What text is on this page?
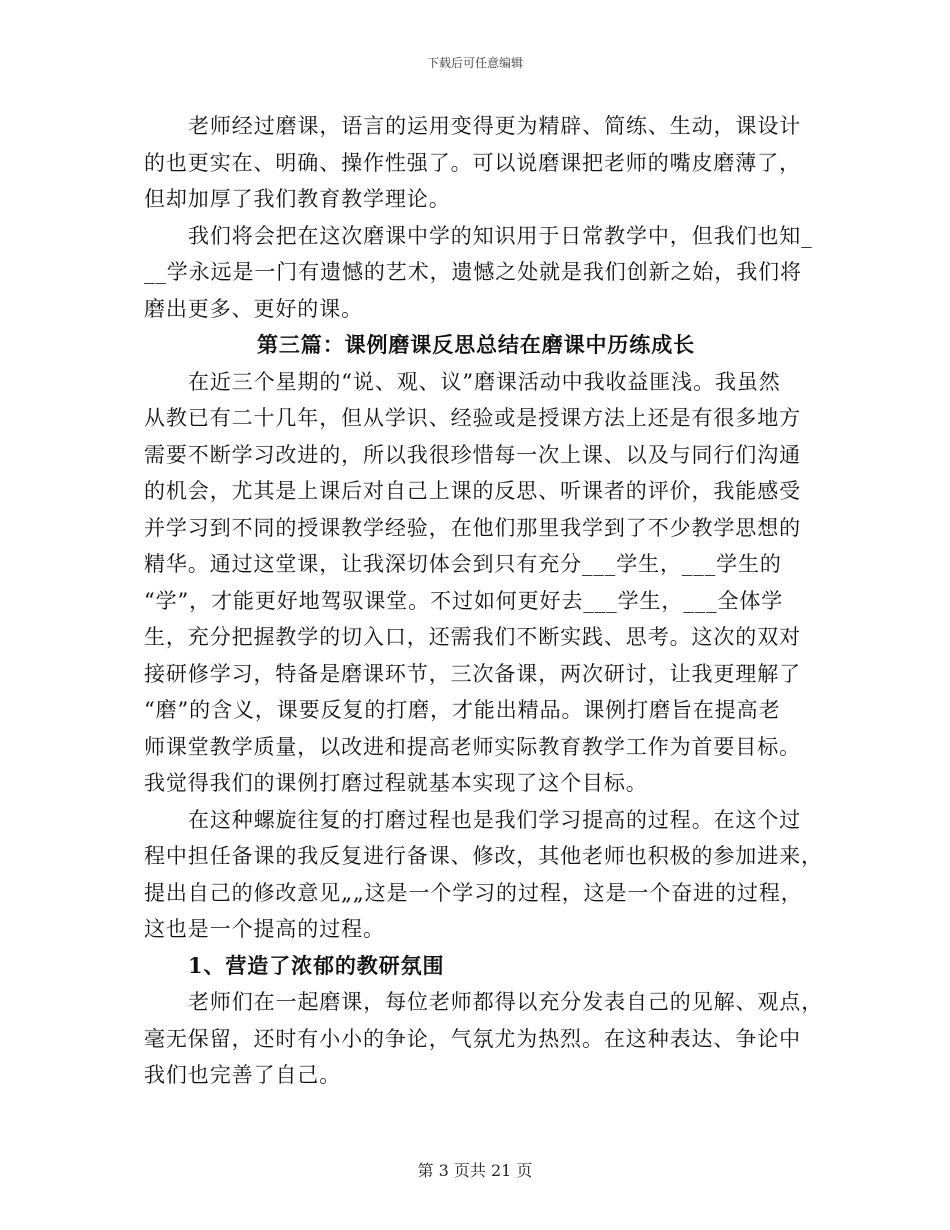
下载后可任意编辑
老师经过磨课，语言的运用变得更为精辟、简练、生动，课设计
的也更实在、明确、操作性强了。可以说磨课把老师的嘴皮磨薄了，
但却加厚了我们教育教学理论。
我们将会把在这次磨课中学的知识用于日常教学中，但我们也知_
__学永远是一门有遗憾的艺术，遗憾之处就是我们创新之始，我们将
磨出更多、更好的课。
第三篇：课例磨课反思总结在磨课中历练成长
在近三个星期的“说、观、议”磨课活动中我收益匪浅。我虽然
从教已有二十几年，但从学识、经验或是授课方法上还是有很多地方
需要不断学习改进的，所以我很珍惜每一次上课、以及与同行们沟通
的机会，尤其是上课后对自己上课的反思、听课者的评价，我能感受
并学习到不同的授课教学经验，在他们那里我学到了不少教学思想的
精华。通过这堂课，让我深切体会到只有充分___学生，___学生的
“学”，才能更好地驾驭课堂。不过如何更好去___学生，___全体学
生，充分把握教学的切入口，还需我们不断实践、思考。这次的双对
接研修学习，特备是磨课环节，三次备课，两次研讨，让我更理解了
“磨”的含义，课要反复的打磨，才能出精品。课例打磨旨在提高老
师课堂教学质量，以改进和提高老师实际教育教学工作为首要目标。
我觉得我们的课例打磨过程就基本实现了这个目标。
在这种螺旋往复的打磨过程也是我们学习提高的过程。在这个过
程中担任备课的我反复进行备课、修改，其他老师也积极的参加进来，
提出自己的修改意见„„这是一个学习的过程，这是一个奋进的过程，
这也是一个提高的过程。
1、营造了浓郁的教研氛围
老师们在一起磨课，每位老师都得以充分发表自己的见解、观点，
毫无保留，还时有小小的争论，气氛尤为热烈。在这种表达、争论中
我们也完善了自己。
第 3 页共 21 页
